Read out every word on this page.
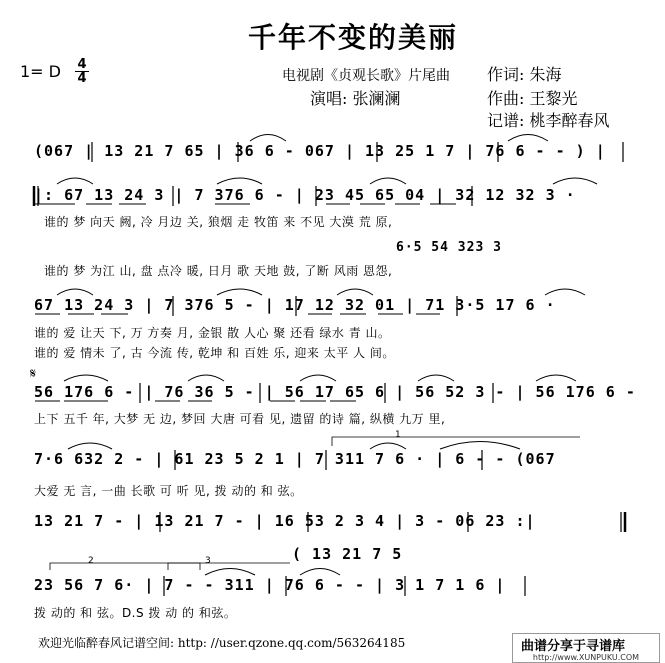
千年不变的美丽
1= D 4
4	电视剧《贞观长歌》片尾曲
演唱: 张澜澜
作词: 朱海
作曲: 王黎光
记谱: 桃李醉春风
(067 | 13 21 7 65 | 36 6 - 067 | 13 25 1 7 | 76 6 - - ) |
|: 67 13 24 3 | 7 376 6 - | 23 45 65 04 | 32 12 32 3 ·
谁的 梦 向天 阙, 冷 月边 关, 狼烟 走 牧笛 来 不见 大漠 荒 原,
6·5 54 323 3
谁的 梦 为江 山, 盘 点冷 暖, 日月 歌 天地 鼓, 了断 风雨 恩怨,
67 13 24 3 | 7 376 5 - | 17 12 32 01 | 71 3·5 17 6 ·
谁的 爱 让天 下, 万 方奏 月, 金银 散 人心 聚 还看 绿水 青 山。
谁的 爱 情未 了, 古 今流 传, 乾坤 和 百姓 乐, 迎来 太平 人 间。
𝄋
56 176 6 - | 76 36 5 - | 56 17 65 6 | 56 52 3 - | 56 176 6 -
上下 五千 年, 大梦 无 边, 梦回 大唐 可看 见, 遗留 的诗 篇, 纵横 九万 里,
1
7·6 632 2 - | 61 23 5 2 1 | 7 311 7 6 · | 6 - - (067
大爱 无 言, 一曲 长歌 可 听 见, 拨 动的 和 弦。
13 21 7 - | 13 21 7 - | 16 53 2 3 4 | 3 - 06 23 :|
2	3	( 13 21 7 5
23 56 7 6· | 7 - - 311 | 76 6 - - | 3 1 7 1 6 |
拨 动的 和 弦。D.S 拨 动 的 和弦。
欢迎光临醉春风记谱空间: http: //user.qzone.qq.com/563264185	曲谱分享于寻谱库
http://www.XUNPUKU.COM
